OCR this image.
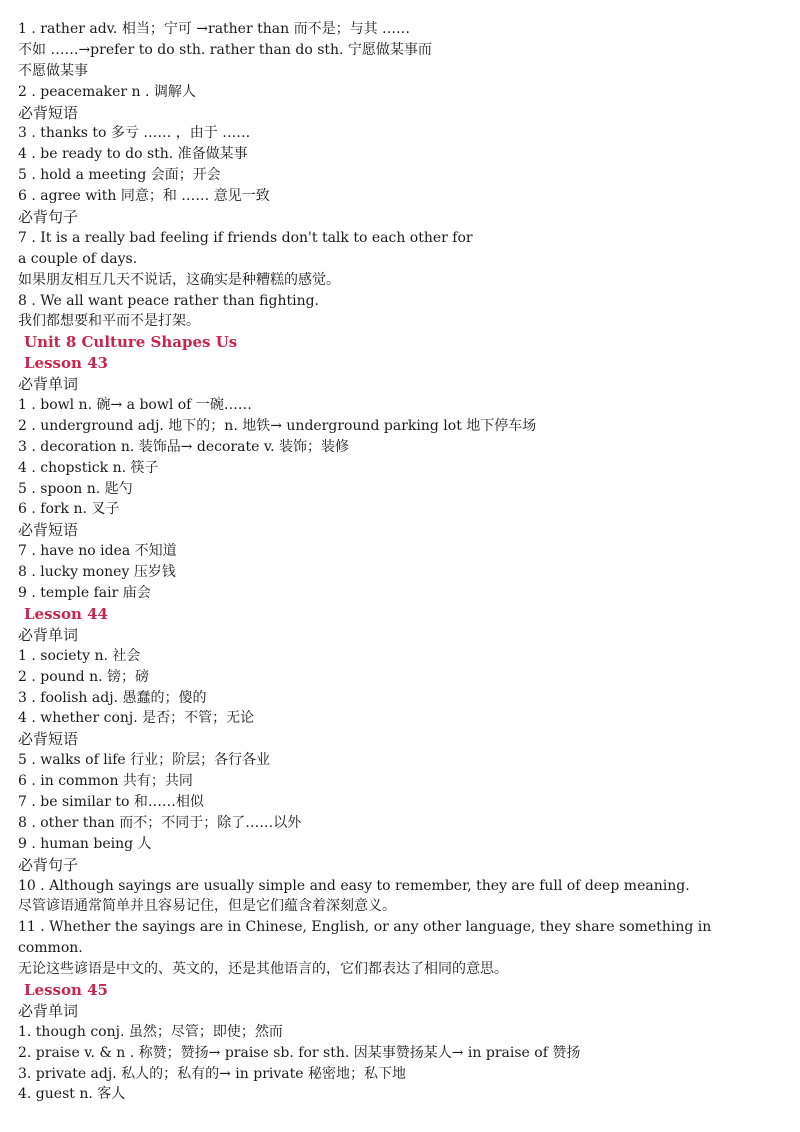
1 . rather adv. 相当；宁可 →rather than 而不是；与其 ……
不如 ……→prefer to do sth. rather than do sth. 宁愿做某事而
不愿做某事
2 . peacemaker n . 调解人
必背短语
3 . thanks to 多亏 …… ，由于 ……
4 . be ready to do sth. 准备做某事
5 . hold a meeting 会面；开会
6 . agree with 同意；和 …… 意见一致
必背句子
7 . It is a really bad feeling if friends don't talk to each other for
a couple of days.
如果朋友相互几天不说话，这确实是种糟糕的感觉。
8 . We all want peace rather than fighting.
我们都想要和平而不是打架。
Unit 8 Culture Shapes Us
Lesson 43
必背单词
1 . bowl n. 碗→ a bowl of 一碗……
2 . underground adj. 地下的；n. 地铁→ underground parking lot 地下停车场
3 . decoration n. 装饰品→ decorate v. 装饰；装修
4 . chopstick n. 筷子
5 . spoon n. 匙勺
6 . fork n. 叉子
必背短语
7 . have no idea 不知道
8 . lucky money 压岁钱
9 . temple fair 庙会
Lesson 44
必背单词
1 . society n. 社会
2 . pound n. 镑；磅
3 . foolish adj. 愚蠢的；傻的
4 . whether conj. 是否；不管；无论
必背短语
5 . walks of life 行业；阶层；各行各业
6 . in common 共有；共同
7 . be similar to 和……相似
8 . other than 而不；不同于；除了……以外
9 . human being 人
必背句子
10 . Although sayings are usually simple and easy to remember, they are full of deep meaning.
尽管谚语通常简单并且容易记住，但是它们蕴含着深刻意义。
11 . Whether the sayings are in Chinese, English, or any other language, they share something in
common.
无论这些谚语是中文的、英文的，还是其他语言的，它们都表达了相同的意思。
Lesson 45
必背单词
1. though conj. 虽然；尽管；即使；然而
2. praise v. & n . 称赞；赞扬→ praise sb. for sth. 因某事赞扬某人→ in praise of 赞扬
3. private adj. 私人的；私有的→ in private 秘密地；私下地
4. guest n. 客人
